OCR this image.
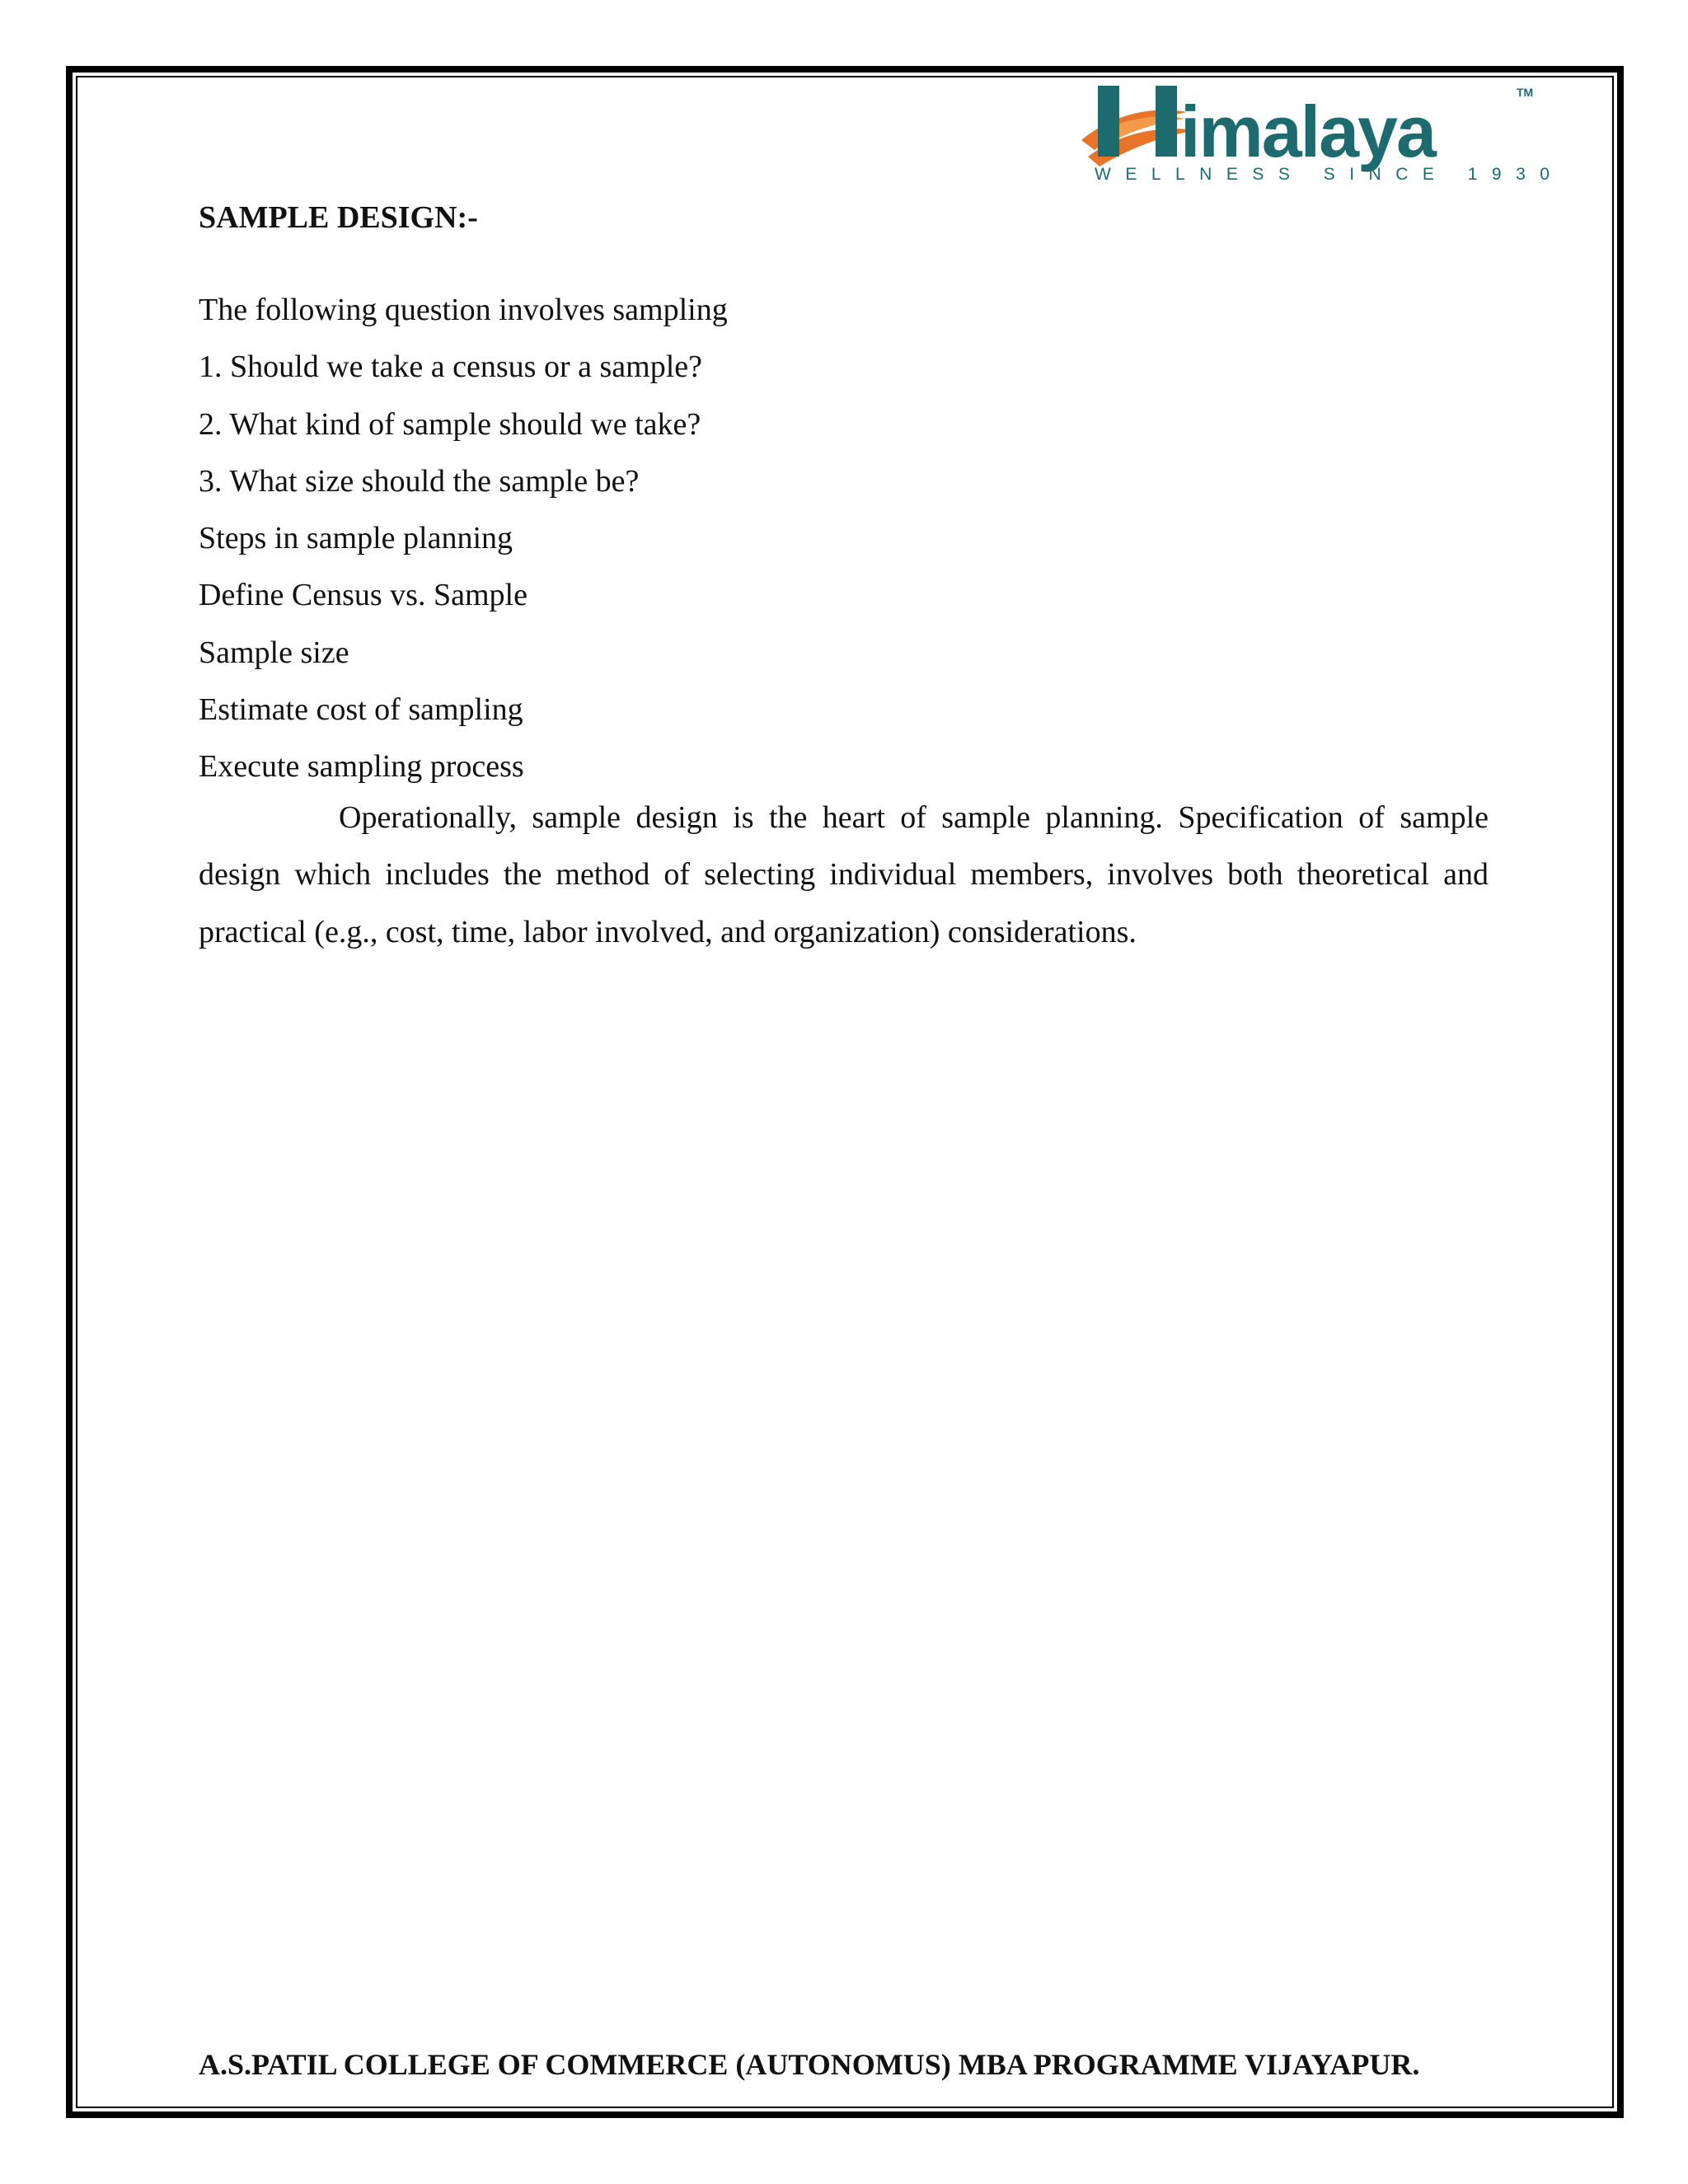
imalaya	TM
WELLNESS SINCE 1930
SAMPLE DESIGN:-
The following question involves sampling
1. Should we take a census or a sample?
2. What kind of sample should we take?
3. What size should the sample be?
Steps in sample planning
Define Census vs. Sample
Sample size
Estimate cost of sampling
Execute sampling process

Operationally, sample design is the heart of sample planning. Specification of sample design which includes the method of selecting individual members, involves both theoretical and practical (e.g., cost, time, labor involved, and organization) considerations.

A.S.PATIL COLLEGE OF COMMERCE (AUTONOMUS) MBA PROGRAMME VIJAYAPUR.
